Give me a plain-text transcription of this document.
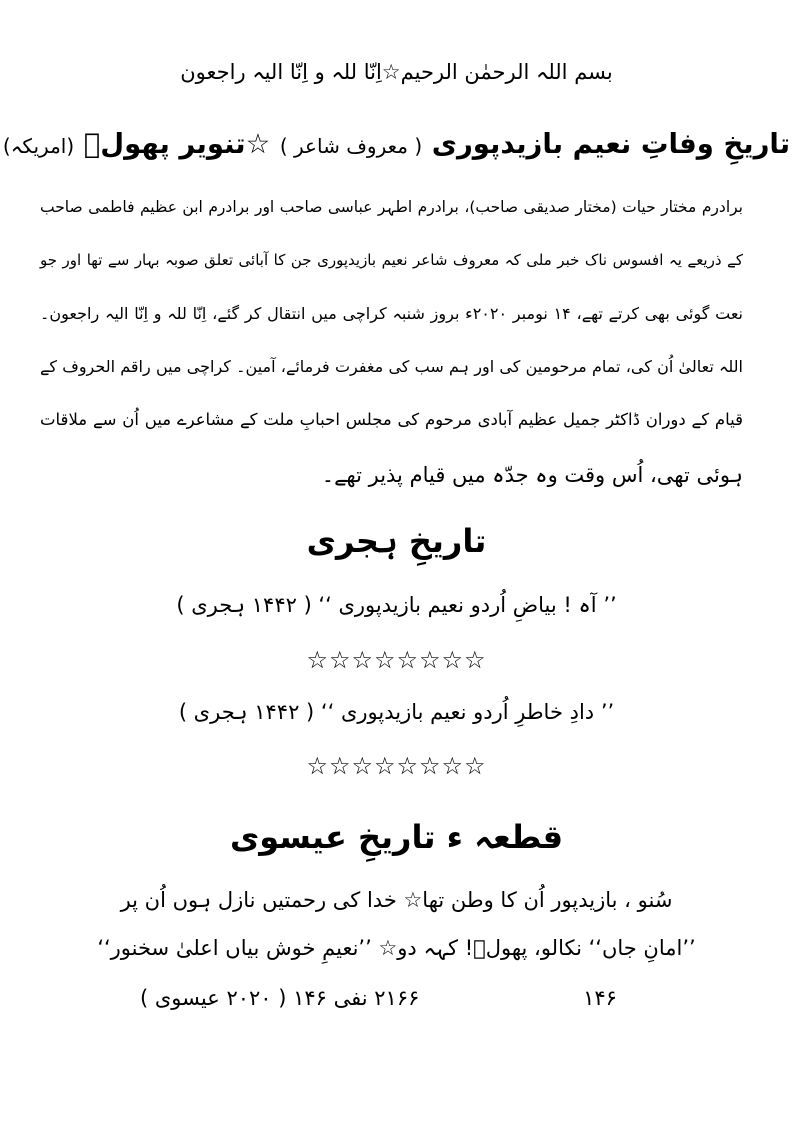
بسم اللہ الرحمٰن الرحیم☆اِنّا للہ و اِنّا الیہ راجعون
تاریخِ وفاتِ نعیم بازیدپوری ( معروف شاعر ) ☆تنویر پھولؔ (امریکہ)
برادرم مختار حیات (مختار صدیقی صاحب)، برادرم اطہر عباسی صاحب اور برادرم ابن عظیم فاطمی صاحب
کے ذریعے یہ افسوس ناک خبر ملی کہ معروف شاعر نعیم بازیدپوری جن کا آبائی تعلق صوبہ بہار سے تھا اور جو
نعت گوئی بھی کرتے تھے، ۱۴ نومبر ۲۰۲۰ء بروز شنبہ کراچی میں انتقال کر گئے، اِنّا للہ و اِنّا الیہ راجعون۔
اللہ تعالیٰ اُن کی، تمام مرحومین کی اور ہم سب کی مغفرت فرمائے، آمین۔ کراچی میں راقم الحروف کے
قیام کے دوران ڈاکٹر جمیل عظیم آبادی مرحوم کی مجلس احبابِ ملت کے مشاعرے میں اُن سے ملاقات
ہوئی تھی، اُس وقت وہ جدّہ میں قیام پذیر تھے۔
تاریخِ ہجری
’’ آہ ! بیاضِ اُردو نعیم بازیدپوری ‘‘ ( ۱۴۴۲ ہجری )
☆☆☆☆☆☆☆☆
’’ دادِ خاطرِ اُردو نعیم بازیدپوری ‘‘ ( ۱۴۴۲ ہجری )
☆☆☆☆☆☆☆☆
قطعہ ء تاریخِ عیسوی
سُنو ، بازیدپور اُن کا وطن تھا☆ خدا کی رحمتیں نازل ہوں اُن پر
’’امانِ جاں‘‘ نکالو، پھولؔ! کہہ دو☆ ’’نعیمِ خوش بیاں اعلیٰ سخنور‘‘
۲۱۶۶ نفی ۱۴۶ ( ۲۰۲۰ عیسوی )	۱۴۶
